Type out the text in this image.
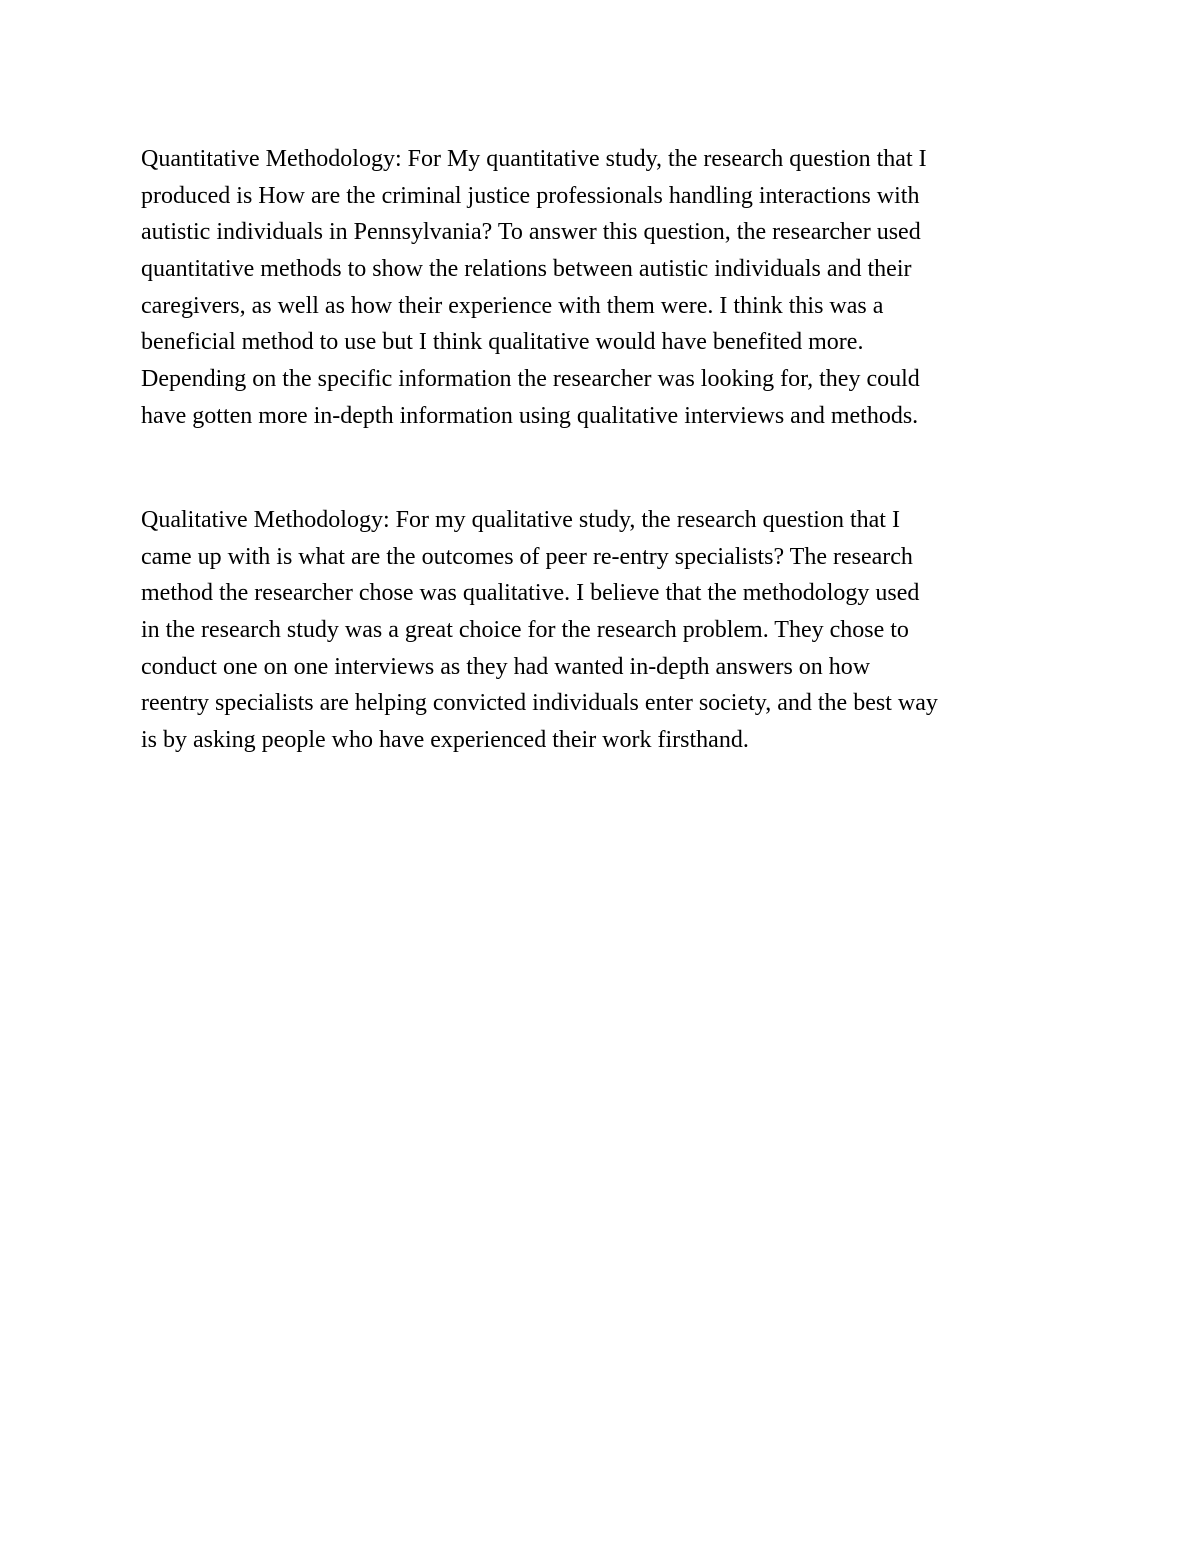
Quantitative Methodology: For My quantitative study, the research question that I
produced is How are the criminal justice professionals handling interactions with
autistic individuals in Pennsylvania? To answer this question, the researcher used
quantitative methods to show the relations between autistic individuals and their
caregivers, as well as how their experience with them were. I think this was a
beneficial method to use but I think qualitative would have benefited more.
Depending on the specific information the researcher was looking for, they could
have gotten more in-depth information using qualitative interviews and methods.

Qualitative Methodology: For my qualitative study, the research question that I
came up with is what are the outcomes of peer re-entry specialists? The research
method the researcher chose was qualitative. I believe that the methodology used
in the research study was a great choice for the research problem. They chose to
conduct one on one interviews as they had wanted in-depth answers on how
reentry specialists are helping convicted individuals enter society, and the best way
is by asking people who have experienced their work firsthand.
